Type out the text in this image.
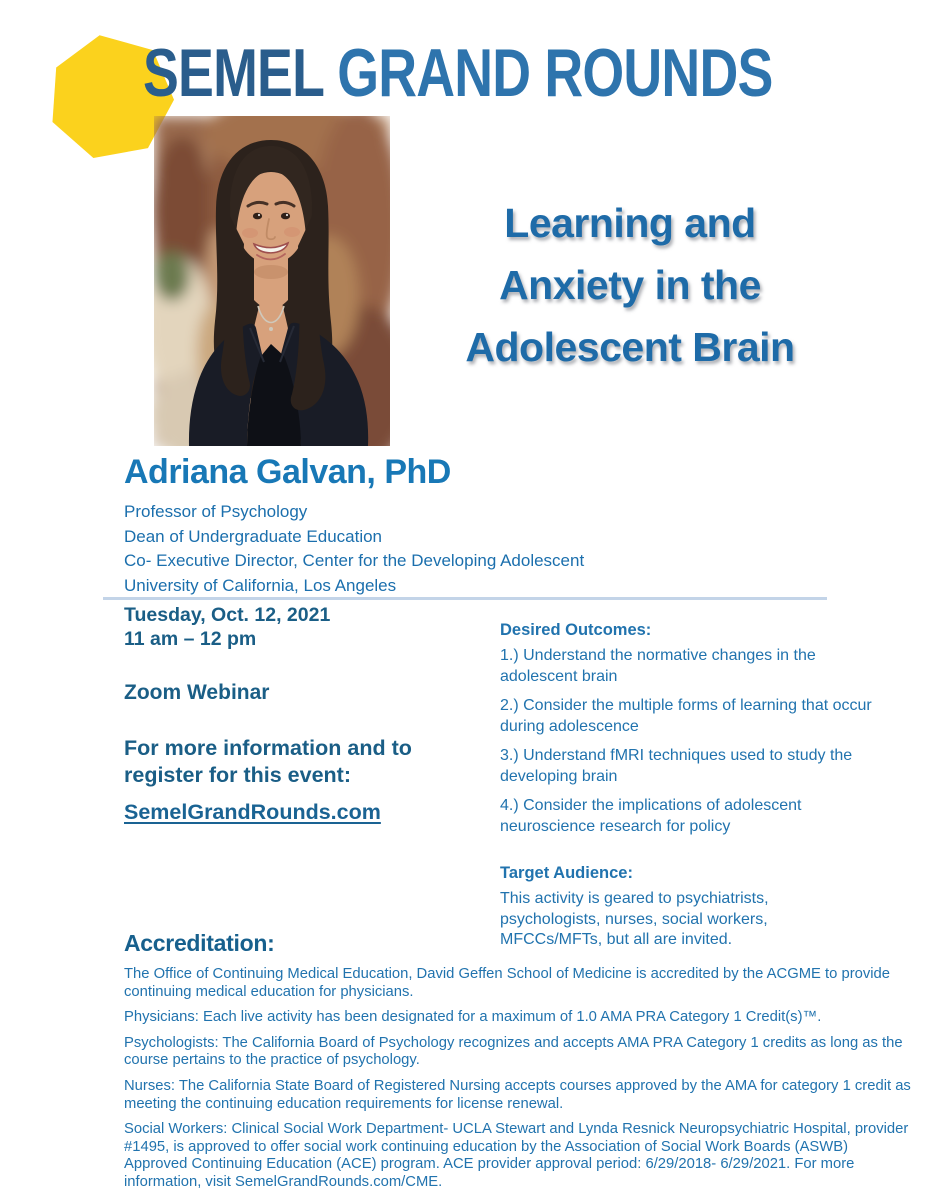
SEMEL GRAND ROUNDS
Learning and
Anxiety in the
Adolescent Brain
Adriana Galvan, PhD
Professor of Psychology
Dean of Undergraduate Education
Co- Executive Director, Center for the Developing Adolescent
University of California, Los Angeles
Tuesday, Oct. 12, 2021
11 am – 12 pm
Zoom Webinar
For more information and to register for this event:
SemelGrandRounds.com
Desired Outcomes:
1.) Understand the normative changes in the adolescent brain
2.) Consider the multiple forms of learning that occur during adolescence
3.) Understand fMRI techniques used to study the developing brain
4.) Consider the implications of adolescent neuroscience research for policy
Target Audience:
This activity is geared to psychiatrists, psychologists, nurses, social workers, MFCCs/MFTs, but all are invited.
Accreditation:

The Office of Continuing Medical Education, David Geffen School of Medicine is accredited by the ACGME to provide continuing medical education for physicians.

Physicians: Each live activity has been designated for a maximum of 1.0 AMA PRA Category 1 Credit(s)™.

Psychologists: The California Board of Psychology recognizes and accepts AMA PRA Category 1 credits as long as the course pertains to the practice of psychology.

Nurses: The California State Board of Registered Nursing accepts courses approved by the AMA for category 1 credit as meeting the continuing education requirements for license renewal.

Social Workers: Clinical Social Work Department- UCLA Stewart and Lynda Resnick Neuropsychiatric Hospital, provider #1495, is approved to offer social work continuing education by the Association of Social Work Boards (ASWB) Approved Continuing Education (ACE) program. ACE provider approval period: 6/29/2018- 6/29/2021. For more information, visit SemelGrandRounds.com/CME.
